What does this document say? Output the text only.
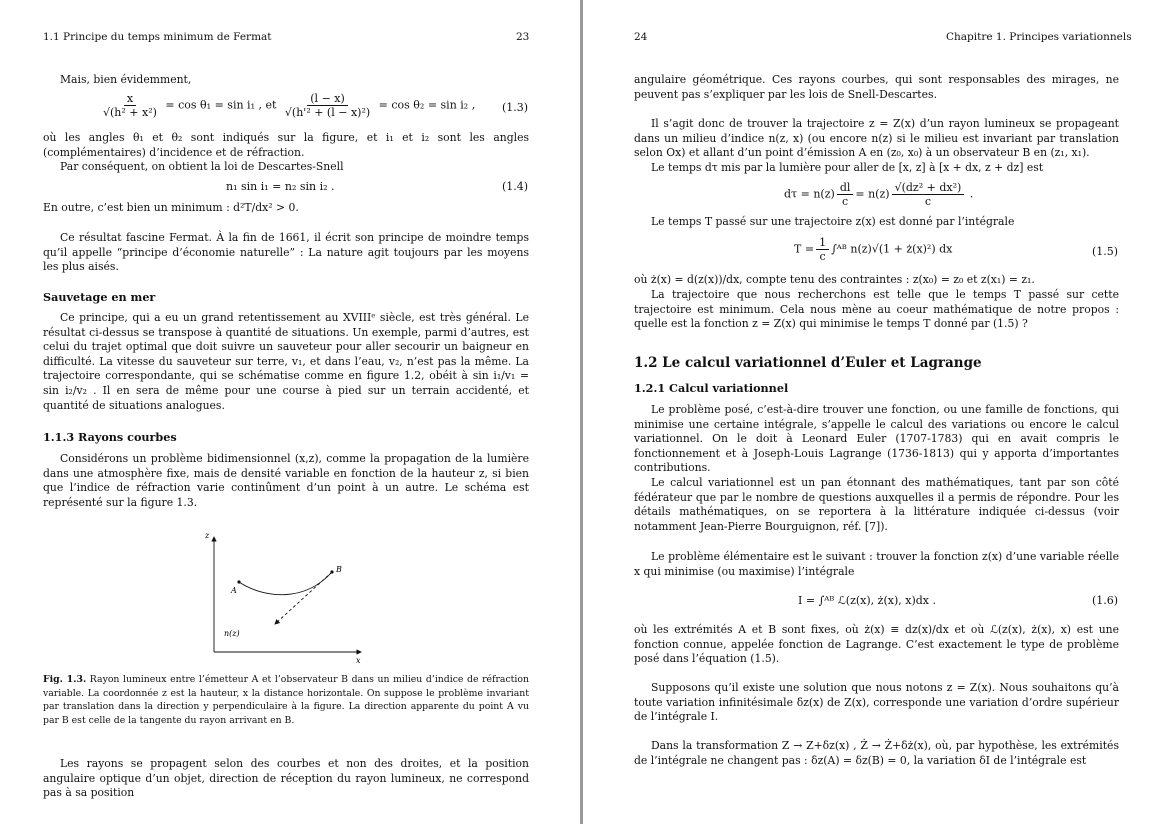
1.1 Principe du temps minimum de Fermat	23

Mais, bien évidemment,

$\frac{x}{\text{√(h² + x²)}} = \cos \theta_1 = \sin i_1$ , et $\frac{(l - x)}{\text{√(h'² + (l − x)²)}} = \cos \theta_2 = \sin i_2$ , (1.3)

où les angles θ₁ et θ₂ sont indiqués sur la figure, et i₁ et i₂ sont les angles (complémentaires) d’incidence et de réfraction.

Par conséquent, on obtient la loi de Descartes-Snell

n₁ sin i₁ = n₂ sin i₂ .	(1.4)

En outre, c’est bien un minimum : d²T/dx² > 0.

Ce résultat fascine Fermat. À la fin de 1661, il écrit son principe de moindre temps qu’il appelle “principe d’économie naturelle” : La nature agit toujours par les moyens les plus aisés.

Sauvetage en mer

Ce principe, qui a eu un grand retentissement au XVIIIᵉ siècle, est très général. Le résultat ci-dessus se transpose à quantité de situations. Un exemple, parmi d’autres, est celui du trajet optimal que doit suivre un sauveteur pour aller secourir un baigneur en difficulté. La vitesse du sauveteur sur terre, v₁, et dans l’eau, v₂, n’est pas la même. La trajectoire correspondante, qui se schématise comme en figure 1.2, obéit à sin i₁/v₁ = sin i₂/v₂ . Il en sera de même pour une course à pied sur un terrain accidenté, et quantité de situations analogues.

1.1.3 Rayons courbes

Considérons un problème bidimensionnel (x,z), comme la propagation de la lumière dans une atmosphère fixe, mais de densité variable en fonction de la hauteur z, si bien que l’indice de réfraction varie continûment d’un point à un autre. Le schéma est représenté sur la figure 1.3.

z
x
A
B
n(z)

Fig. 1.3. Rayon lumineux entre l’émetteur A et l’observateur B dans un milieu d’indice de réfraction variable. La coordonnée z est la hauteur, x la distance horizontale. On suppose le problème invariant par translation dans la direction y perpendiculaire à la figure. La direction apparente du point A vu par B est celle de la tangente du rayon arrivant en B.

Les rayons se propagent selon des courbes et non des droites, et la position angulaire optique d’un objet, direction de réception du rayon lumineux, ne correspond pas à sa position

24	Chapitre 1. Principes variationnels

angulaire géométrique. Ces rayons courbes, qui sont responsables des mirages, ne peuvent pas s’expliquer par les lois de Snell-Descartes.

Il s’agit donc de trouver la trajectoire z = Z(x) d’un rayon lumineux se propageant dans un milieu d’indice n(z, x) (ou encore n(z) si le milieu est invariant par translation selon Ox) et allant d’un point d’émission A en (z₀, x₀) à un observateur B en (z₁, x₁).

Le temps dτ mis par la lumière pour aller de [x, z] à [x + dx, z + dz] est

$d\tau = n(z) \frac{dl}{c} = n(z) \frac{\text{√(dz² + dx²)}}{c}$ .

Le temps T passé sur une trajectoire z(x) est donné par l’intégrale

$T = \frac{1}{c}$ ∫ᴬᴮ n(z)√(1 + ż(x)²) dx	(1.5)

où ż(x) = d(z(x))/dx, compte tenu des contraintes : z(x₀) = z₀ et z(x₁) = z₁.

La trajectoire que nous recherchons est telle que le temps T passé sur cette trajectoire est minimum. Cela nous mène au coeur mathématique de notre propos : quelle est la fonction z = Z(x) qui minimise le temps T donné par (1.5) ?

1.2 Le calcul variationnel d’Euler et Lagrange
1.2.1 Calcul variationnel

Le problème posé, c’est-à-dire trouver une fonction, ou une famille de fonctions, qui minimise une certaine intégrale, s’appelle le calcul des variations ou encore le calcul variationnel. On le doit à Leonard Euler (1707-1783) qui en avait compris le fonctionnement et à Joseph-Louis Lagrange (1736-1813) qui y apporta d’importantes contributions.

Le calcul variationnel est un pan étonnant des mathématiques, tant par son côté fédérateur que par le nombre de questions auxquelles il a permis de répondre. Pour les détails mathématiques, on se reportera à la littérature indiquée ci-dessus (voir notamment Jean-Pierre Bourguignon, réf. [7]).

Le problème élémentaire est le suivant : trouver la fonction z(x) d’une variable réelle x qui minimise (ou maximise) l’intégrale

I = ∫ᴬᴮ ℒ(z(x), ż(x), x)dx .	(1.6)

où les extrémités A et B sont fixes, où ż(x) ≡ dz(x)/dx et où ℒ(z(x), ż(x), x) est une fonction connue, appelée fonction de Lagrange. C’est exactement le type de problème posé dans l’équation (1.5).

Supposons qu’il existe une solution que nous notons z = Z(x). Nous souhaitons qu’à toute variation infinitésimale δz(x) de Z(x), corresponde une variation d’ordre supérieur de l’intégrale I.

Dans la transformation Z → Z+δz(x) , Ż → Ż+δż(x), où, par hypothèse, les extrémités de l’intégrale ne changent pas : δz(A) = δz(B) = 0, la variation δI de l’intégrale est
